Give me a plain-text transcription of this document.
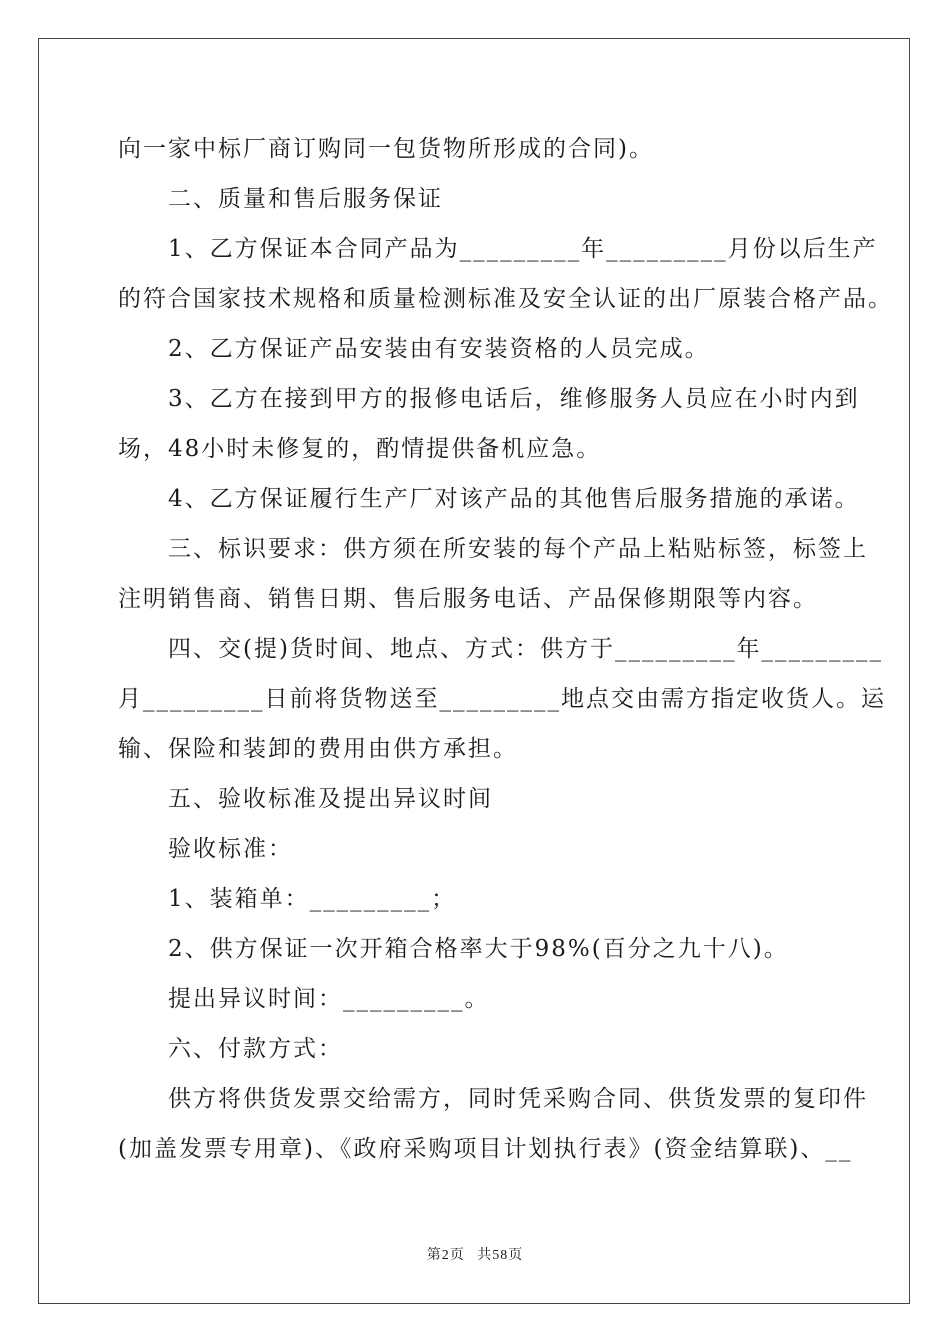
向一家中标厂商订购同一包货物所形成的合同)。
　　二、质量和售后服务保证
　　1、乙方保证本合同产品为_________年_________月份以后生产
的符合国家技术规格和质量检测标准及安全认证的出厂原装合格产品。
　　2、乙方保证产品安装由有安装资格的人员完成。
　　3、乙方在接到甲方的报修电话后，维修服务人员应在小时内到
场，48小时未修复的，酌情提供备机应急。
　　4、乙方保证履行生产厂对该产品的其他售后服务措施的承诺。
　　三、标识要求：供方须在所安装的每个产品上粘贴标签，标签上
注明销售商、销售日期、售后服务电话、产品保修期限等内容。
　　四、交(提)货时间、地点、方式：供方于_________年_________
月_________日前将货物送至_________地点交由需方指定收货人。运
输、保险和装卸的费用由供方承担。
　　五、验收标准及提出异议时间
　　验收标准：
　　1、装箱单：_________；
　　2、供方保证一次开箱合格率大于98%(百分之九十八)。
　　提出异议时间：_________。
　　六、付款方式：
　　供方将供货发票交给需方，同时凭采购合同、供货发票的复印件
(加盖发票专用章)、《政府采购项目计划执行表》(资金结算联)、__
第2页 共58页
